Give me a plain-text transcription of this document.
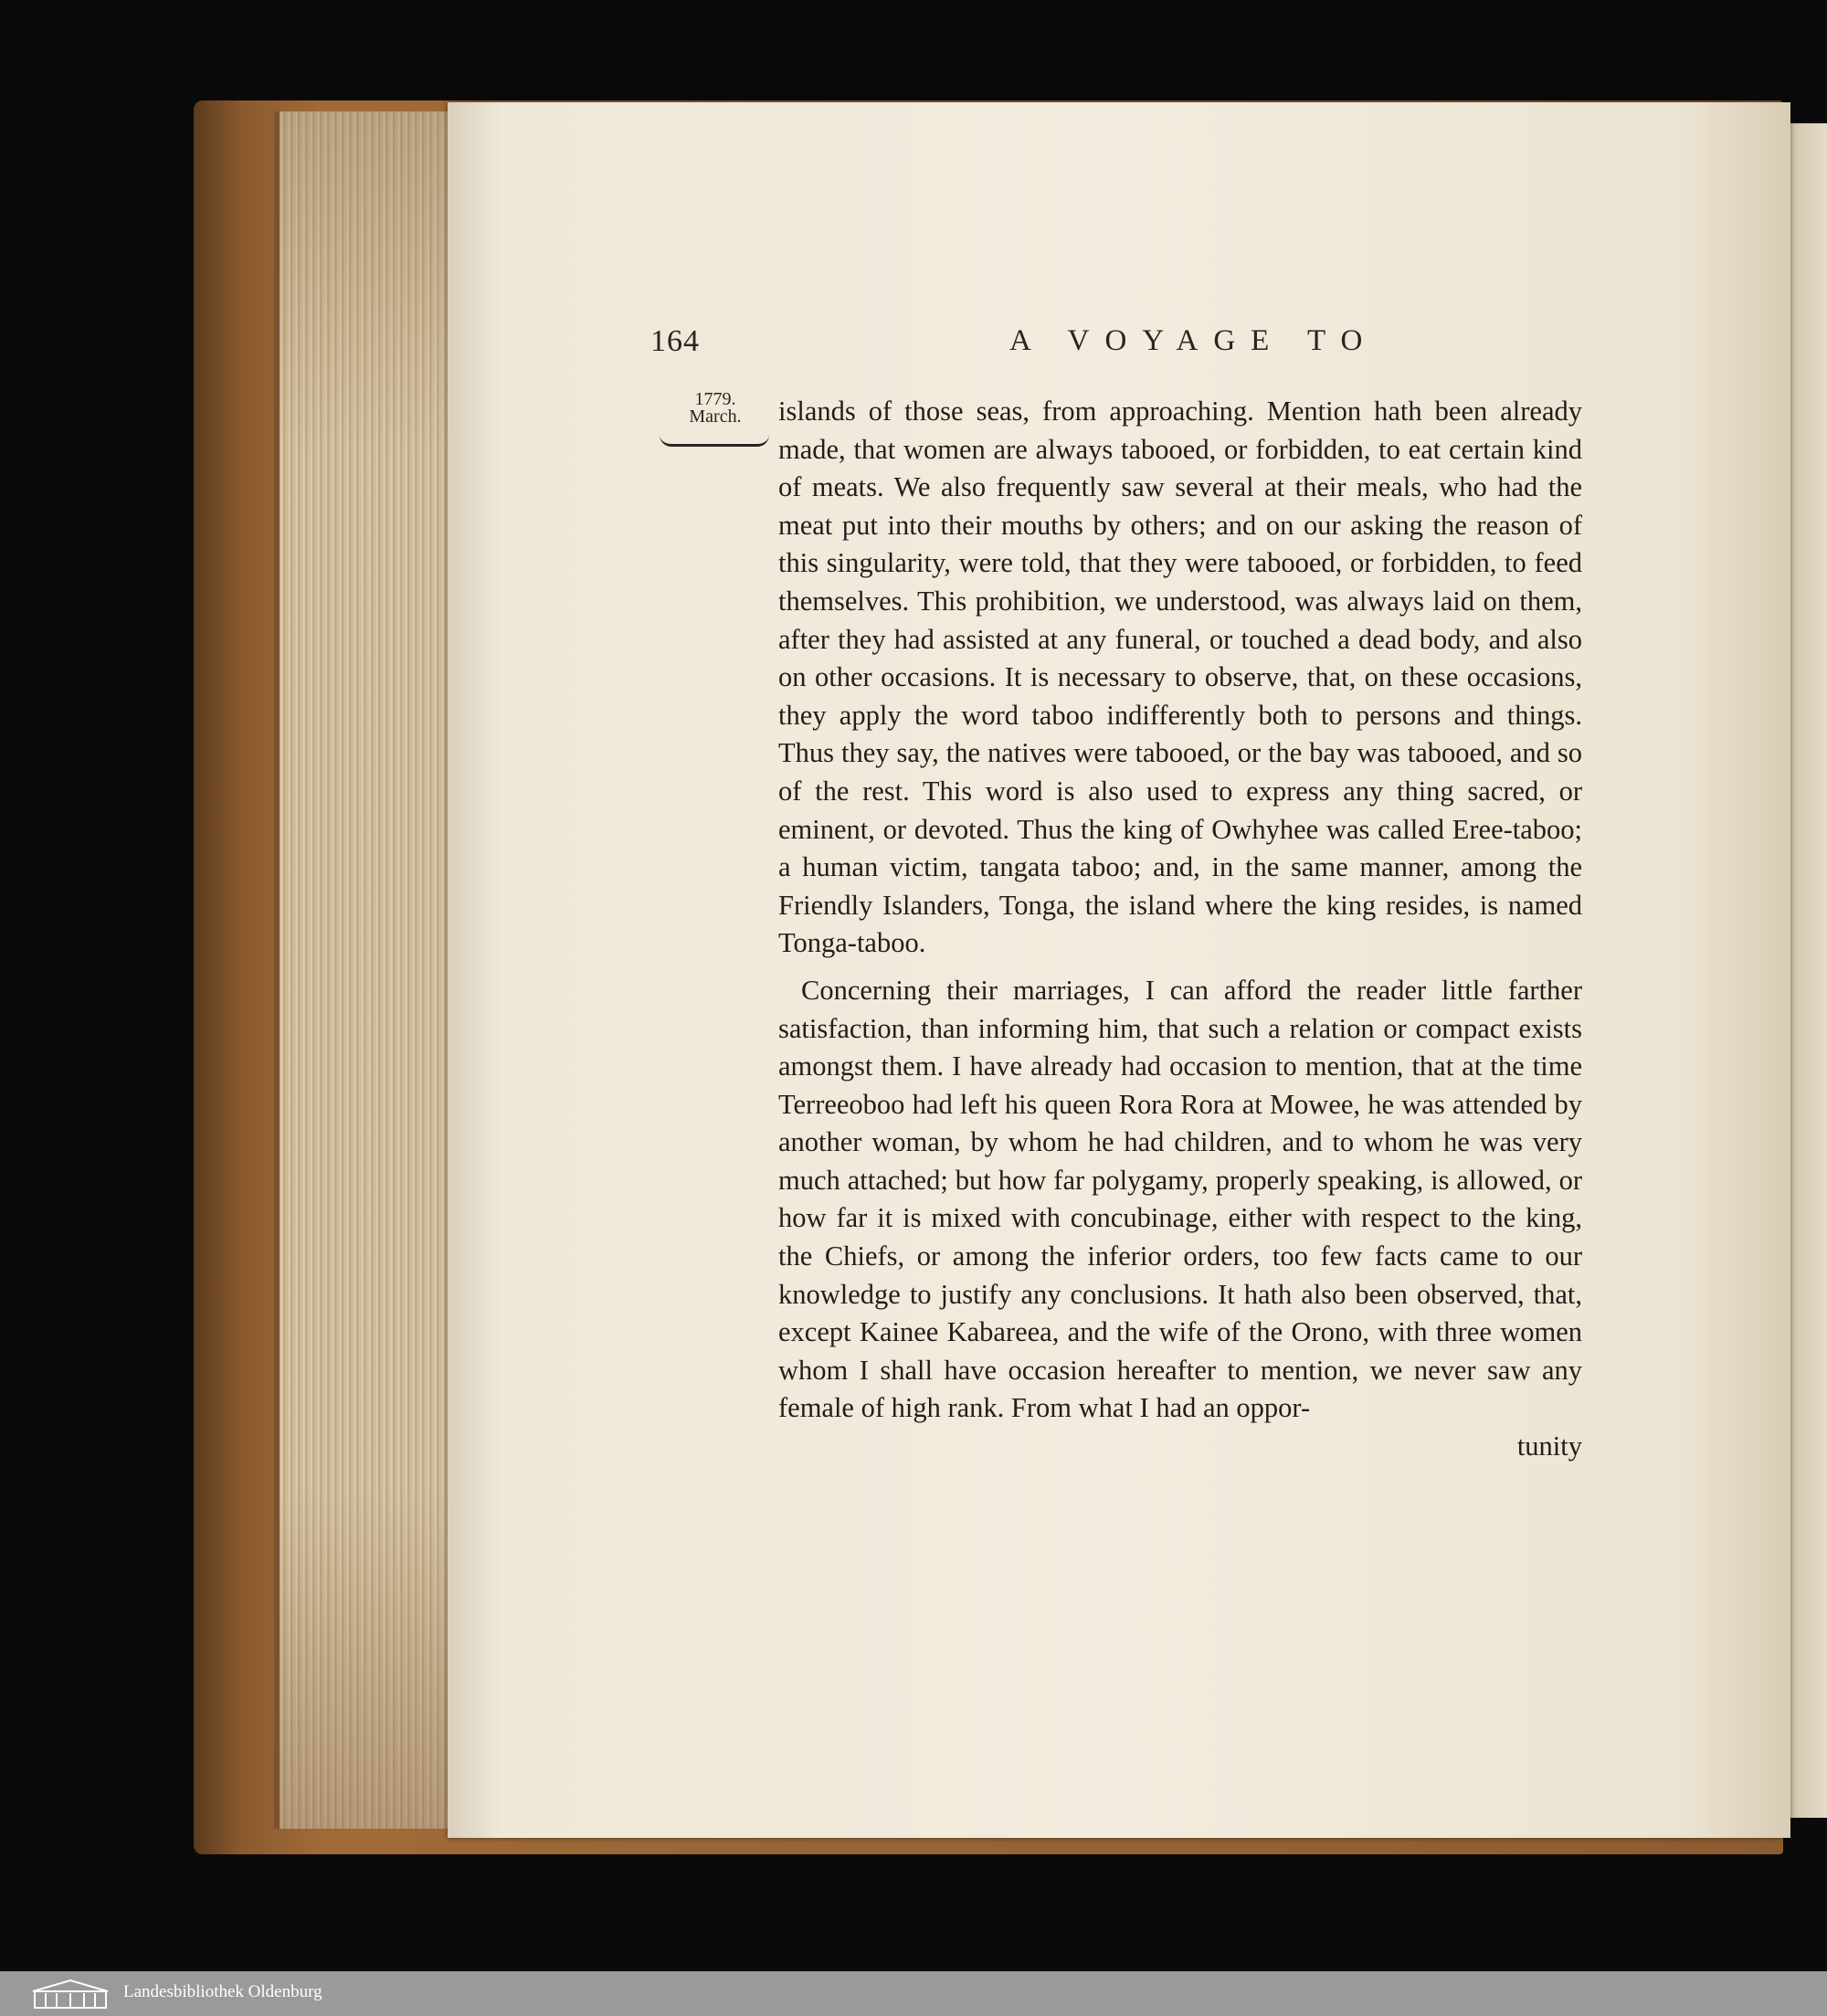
164	A VOYAGE TO
1779.
March.	islands of those seas, from approaching. Mention hath been already made, that women are always tabooed, or forbidden, to eat certain kind of meats. We also frequently saw several at their meals, who had the meat put into their mouths by others; and on our asking the reason of this singularity, were told, that they were tabooed, or forbidden, to feed themselves. This prohibition, we understood, was always laid on them, after they had assisted at any funeral, or touched a dead body, and also on other occasions. It is necessary to observe, that, on these occasions, they apply the word taboo indifferently both to persons and things. Thus they say, the natives were tabooed, or the bay was tabooed, and so of the rest. This word is also used to express any thing sacred, or eminent, or devoted. Thus the king of Owhyhee was called Eree-taboo; a human victim, tangata taboo; and, in the same manner, among the Friendly Islanders, Tonga, the island where the king resides, is named Tonga-taboo.

Concerning their marriages, I can afford the reader little farther satisfaction, than informing him, that such a relation or compact exists amongst them. I have already had occasion to mention, that at the time Terreeoboo had left his queen Rora Rora at Mowee, he was attended by another woman, by whom he had children, and to whom he was very much attached; but how far polygamy, properly speaking, is allowed, or how far it is mixed with concubinage, either with respect to the king, the Chiefs, or among the inferior orders, too few facts came to our knowledge to justify any conclusions. It hath also been observed, that, except Kainee Kabareea, and the wife of the Orono, with three women whom I shall have occasion hereafter to mention, we never saw any female of high rank. From what I had an oppor-

tunity

Landesbibliothek Oldenburg
